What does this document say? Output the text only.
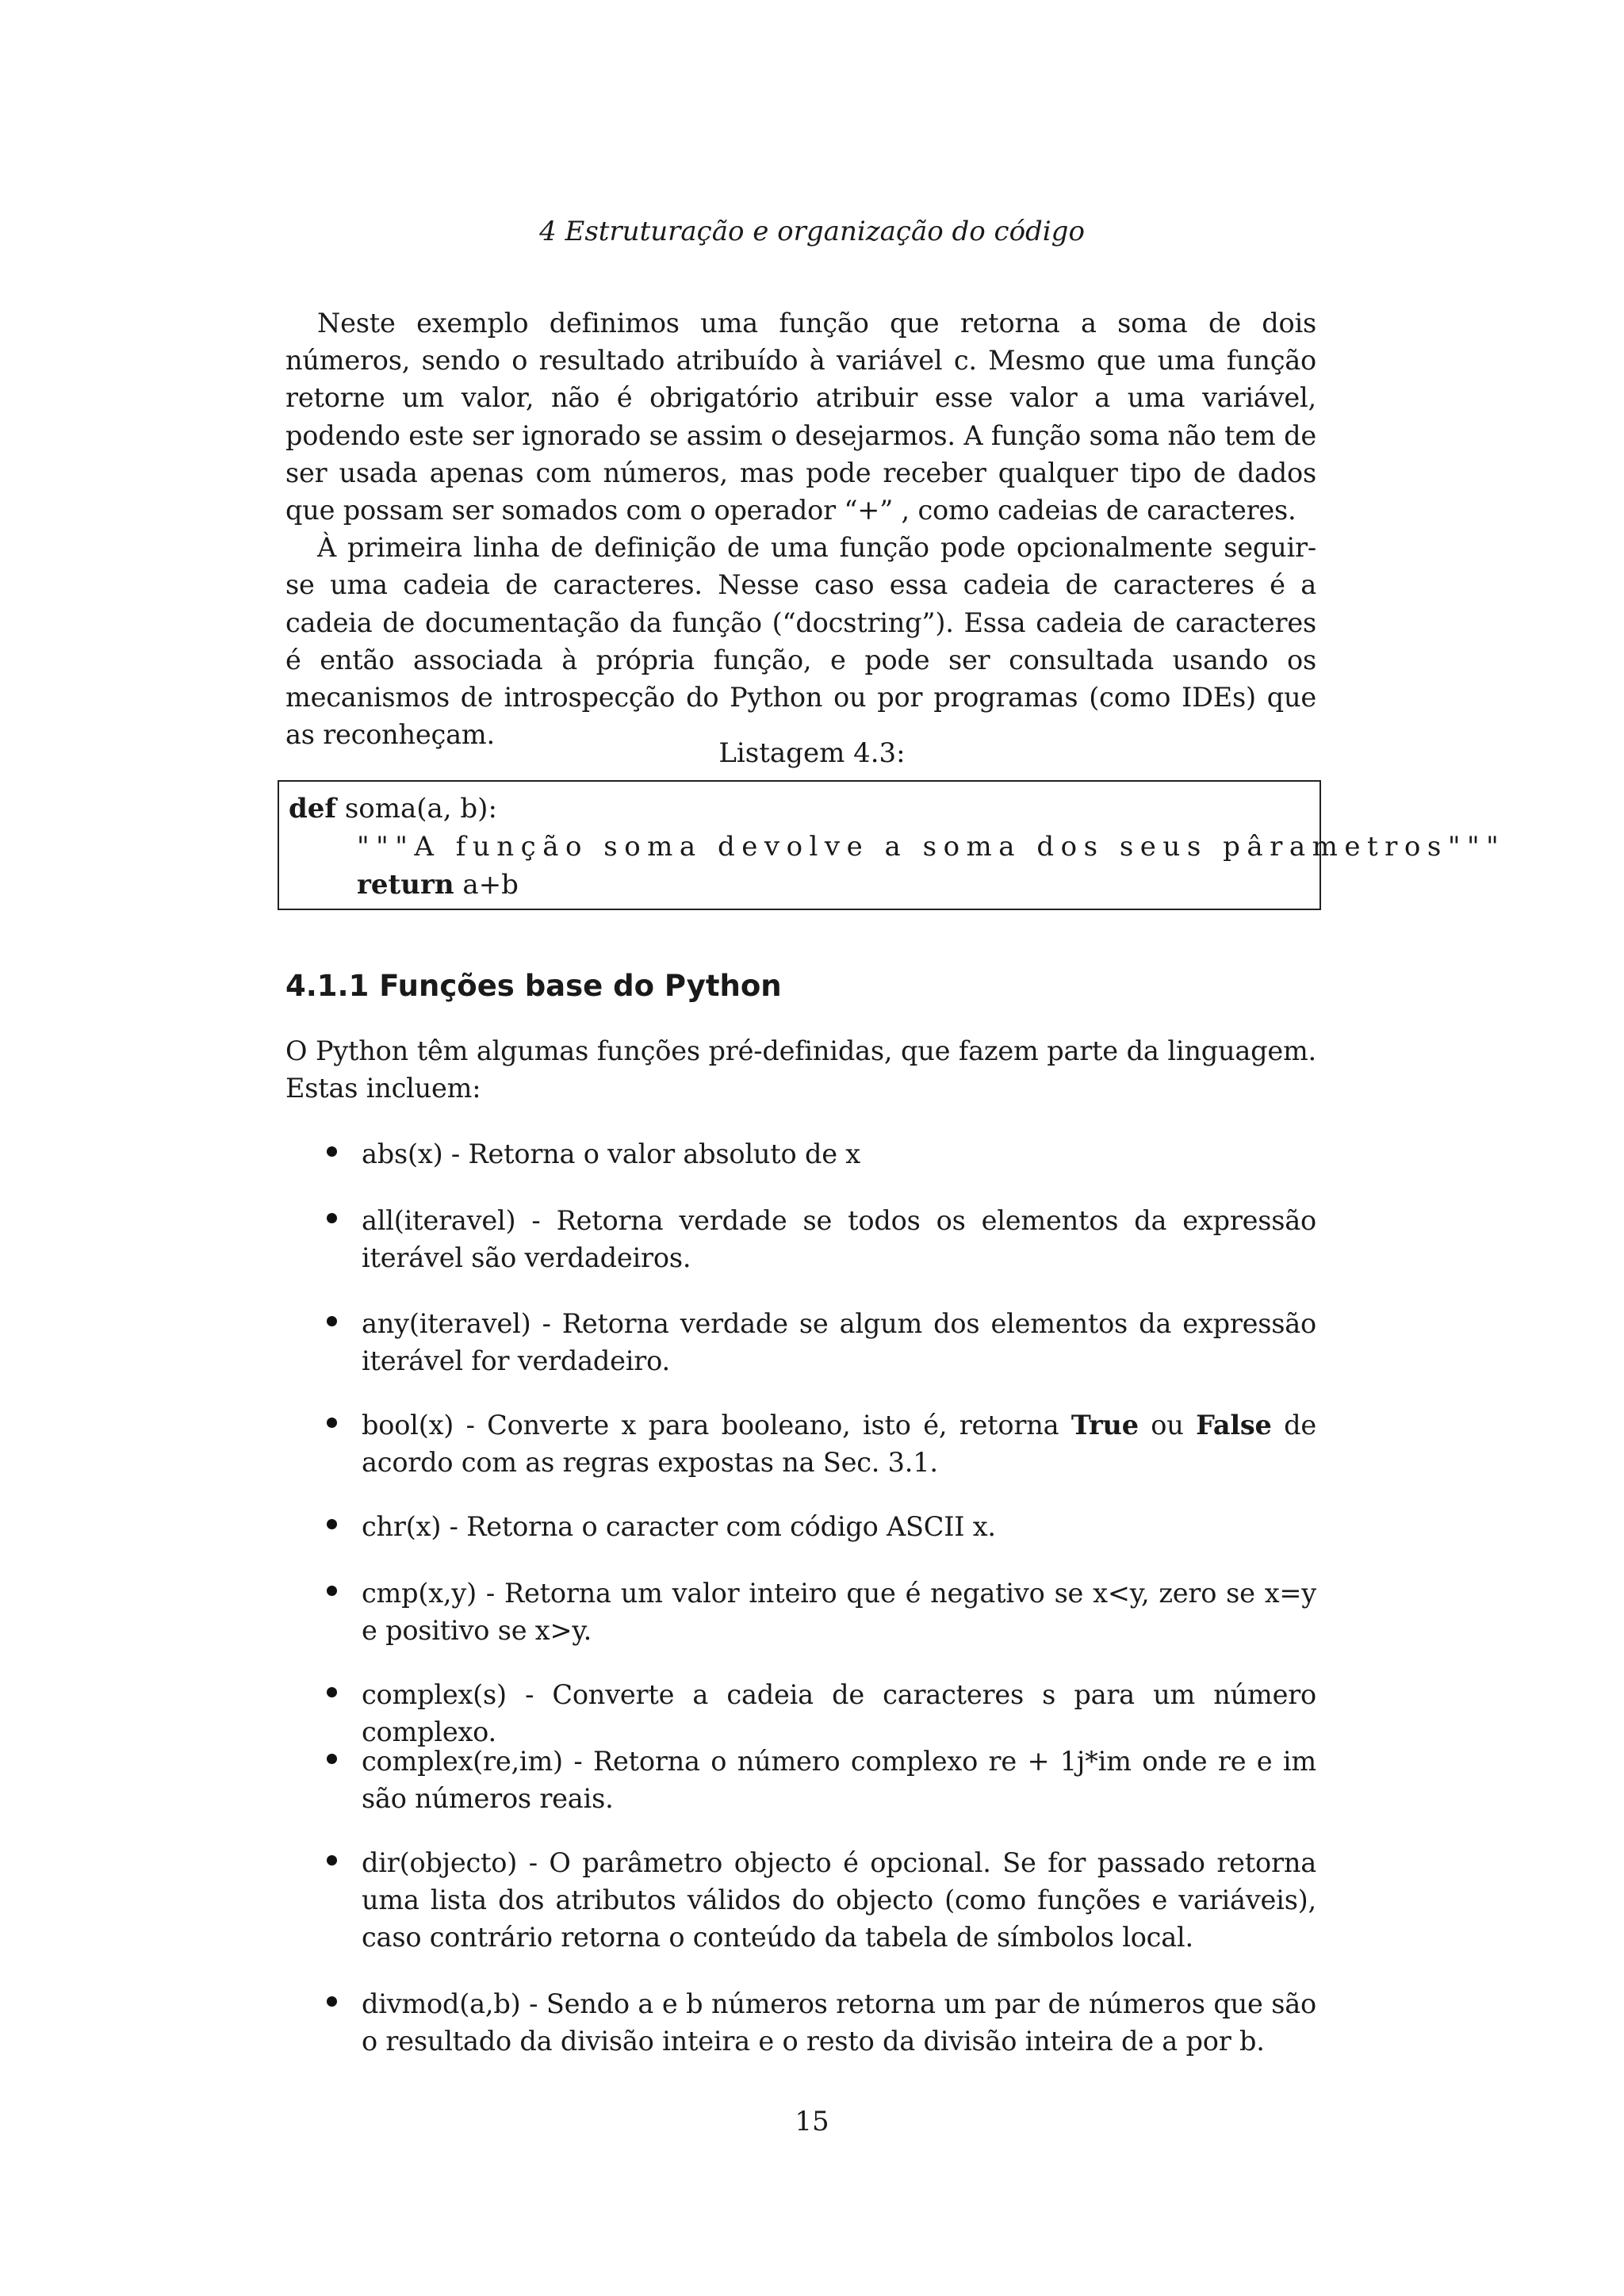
4 Estruturação e organização do código

Neste exemplo definimos uma função que retorna a soma de dois números, sendo o resultado atribuído à variável c. Mesmo que uma função retorne um valor, não é obrigatório atribuir esse valor a uma variável, podendo este ser ignorado se assim o desejarmos. A função soma não tem de ser usada apenas com números, mas pode receber qualquer tipo de dados que possam ser somados com o operador “+” , como cadeias de caracteres.

À primeira linha de definição de uma função pode opcionalmente seguir-se uma cadeia de caracteres. Nesse caso essa cadeia de caracteres é a cadeia de documentação da função (“docstring”). Essa cadeia de caracteres é então associada à própria função, e pode ser consultada usando os mecanismos de introspecção do Python ou por programas (como IDEs) que as reconheçam.

Listagem 4.3:
def soma(a, b):
"""A função soma devolve a soma dos seus pârametros"""
return a+b
4.1.1 Funções base do Python

O Python têm algumas funções pré-definidas, que fazem parte da linguagem. Estas incluem:

abs(x) - Retorna o valor absoluto de x
all(iteravel) - Retorna verdade se todos os elementos da expressão iterável são verdadeiros.
any(iteravel) - Retorna verdade se algum dos elementos da expressão iterável for verdadeiro.
bool(x) - Converte x para booleano, isto é, retorna True ou False de acordo com as regras expostas na Sec. 3.1.
chr(x) - Retorna o caracter com código ASCII x.
cmp(x,y) - Retorna um valor inteiro que é negativo se x<y, zero se x=y e positivo se x>y.
complex(s) - Converte a cadeia de caracteres s para um número complexo.
complex(re,im) - Retorna o número complexo re + 1j*im onde re e im são números reais.
dir(objecto) - O parâmetro objecto é opcional. Se for passado retorna uma lista dos atributos válidos do objecto (como funções e variáveis), caso contrário retorna o conteúdo da tabela de símbolos local.
divmod(a,b) - Sendo a e b números retorna um par de números que são o resultado da divisão inteira e o resto da divisão inteira de a por b.
15
